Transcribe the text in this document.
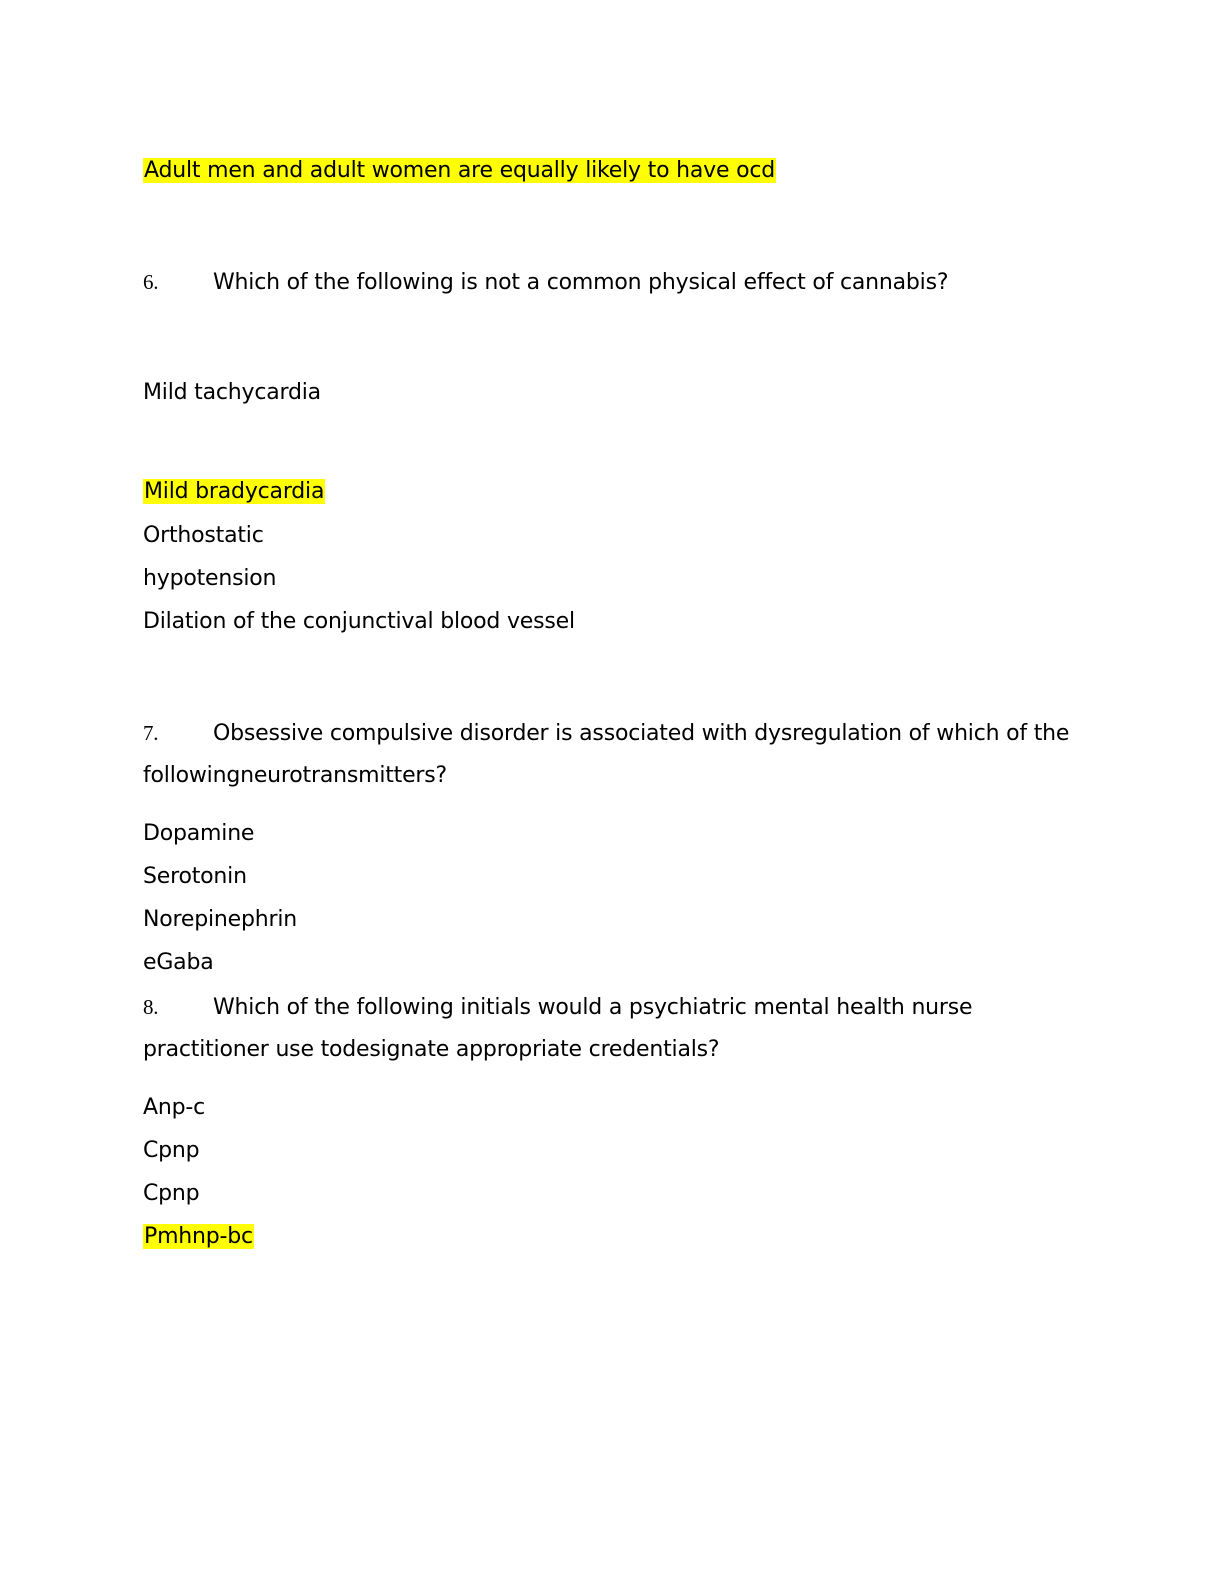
Adult men and adult women are equally likely to have ocd
6. Which of the following is not a common physical effect of cannabis?
Mild tachycardia
Mild bradycardia
Orthostatic
hypotension
Dilation of the conjunctival blood vessel
7. Obsessive compulsive disorder is associated with dysregulation of which of the
followingneurotransmitters?
Dopamine
Serotonin
Norepinephrin
eGaba
8. Which of the following initials would a psychiatric mental health nurse
practitioner use todesignate appropriate credentials?
Anp-c
Cpnp
Cpnp
Pmhnp-bc
